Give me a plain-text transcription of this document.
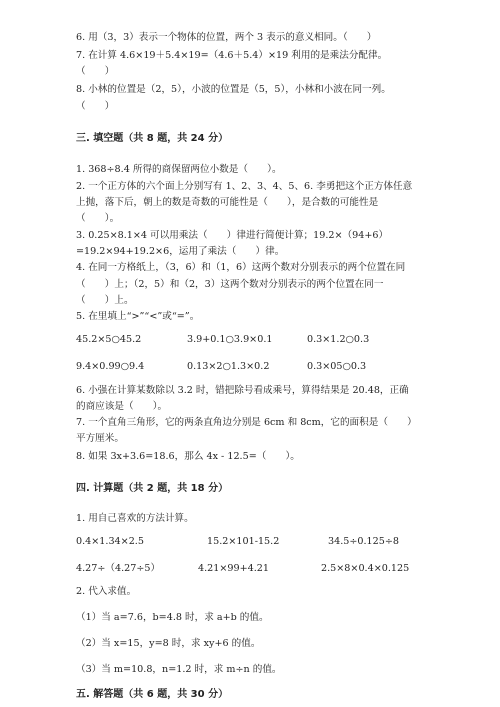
6. 用（3，3）表示一个物体的位置，两个 3 表示的意义相同。（　　）
7. 在计算 4.6×19＋5.4×19=（4.6＋5.4）×19 利用的是乘法分配律。
（　　）
8. 小林的位置是（2，5），小波的位置是（5，5），小林和小波在同一列。
（　　）
三. 填空题（共 8 题，共 24 分）
1. 368÷8.4 所得的商保留两位小数是（　　）。
2. 一个正方体的六个面上分别写有 1、2、3、4、5、6. 李勇把这个正方体任意
上抛，落下后，朝上的数是奇数的可能性是（　　），是合数的可能性是
（　　）。
3. 0.25×8.1×4 可以用乘法（　　）律进行简便计算；19.2×（94+6）
=19.2×94+19.2×6，运用了乘法（　　）律。
4. 在同一方格纸上，（3，6）和（1，6）这两个数对分别表示的两个位置在同
（　　）上；（2，5）和（2，3）这两个数对分别表示的两个位置在同一
（　　）上。
5. 在里填上“>”“<”或“=”。
45.2×5○45.2	3.9+0.1○3.9×0.1	0.3×1.2○0.3
9.4×0.99○9.4	0.13×2○1.3×0.2	0.3×05○0.3
6. 小强在计算某数除以 3.2 时，错把除号看成乘号，算得结果是 20.48，正确
的商应该是（　　）。
7. 一个直角三角形，它的两条直角边分别是 6cm 和 8cm，它的面积是（　　）
平方厘米。
8. 如果 3x+3.6=18.6，那么 4x - 12.5=（　　）。
四. 计算题（共 2 题，共 18 分）
1. 用自己喜欢的方法计算。
0.4×1.34×2.5	15.2×101-15.2	34.5÷0.125÷8
4.27÷（4.27÷5）	4.21×99+4.21	2.5×8×0.4×0.125
2. 代入求值。
（1）当 a=7.6，b=4.8 时，求 a+b 的值。
（2）当 x=15，y=8 时，求 xy+6 的值。
（3）当 m=10.8，n=1.2 时，求 m÷n 的值。
五. 解答题（共 6 题，共 30 分）
